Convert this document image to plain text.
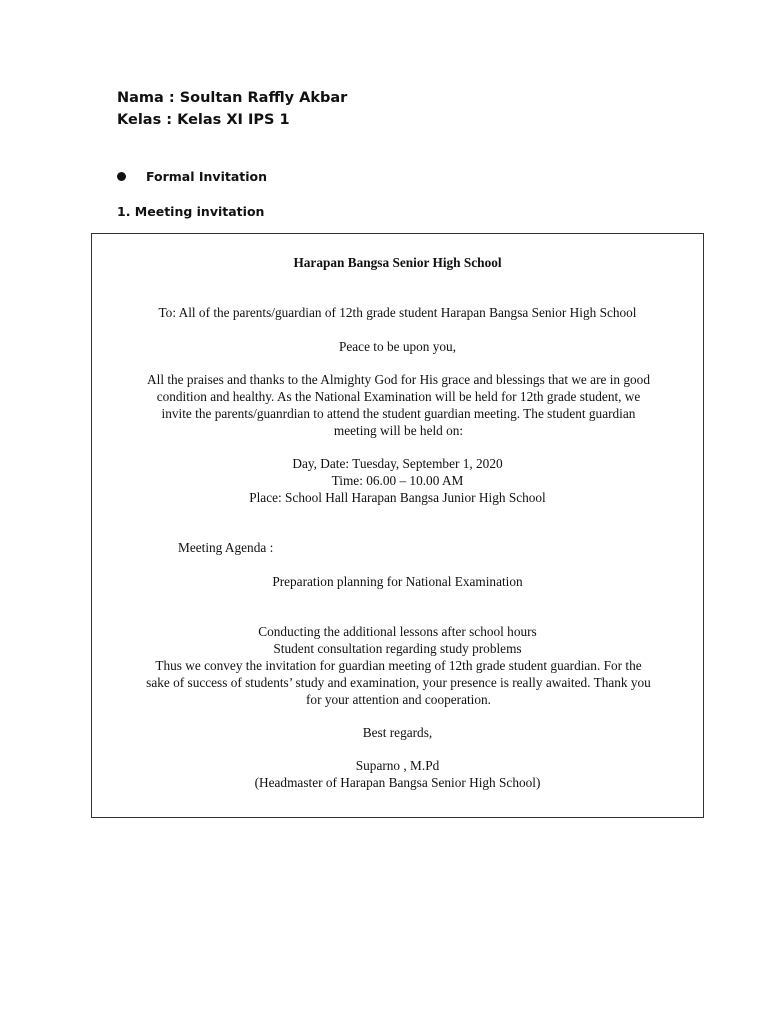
Nama : Soultan Raffly Akbar
Kelas : Kelas XI IPS 1
Formal Invitation
1. Meeting invitation
Harapan Bangsa Senior High School
To: All of the parents/guardian of 12th grade student Harapan Bangsa Senior High School
Peace to be upon you,
All the praises and thanks to the Almighty God for His grace and blessings that we are in good
condition and healthy. As the National Examination will be held for 12th grade student, we
invite the parents/guanrdian to attend the student guardian meeting. The student guardian
meeting will be held on:
Day, Date: Tuesday, September 1, 2020
Time: 06.00 – 10.00 AM
Place: School Hall Harapan Bangsa Junior High School
Meeting Agenda :
Preparation planning for National Examination
Conducting the additional lessons after school hours
Student consultation regarding study problems
Thus we convey the invitation for guardian meeting of 12th grade student guardian. For the
sake of success of students’ study and examination, your presence is really awaited. Thank you
for your attention and cooperation.
Best regards,
Suparno , M.Pd
(Headmaster of Harapan Bangsa Senior High School)
